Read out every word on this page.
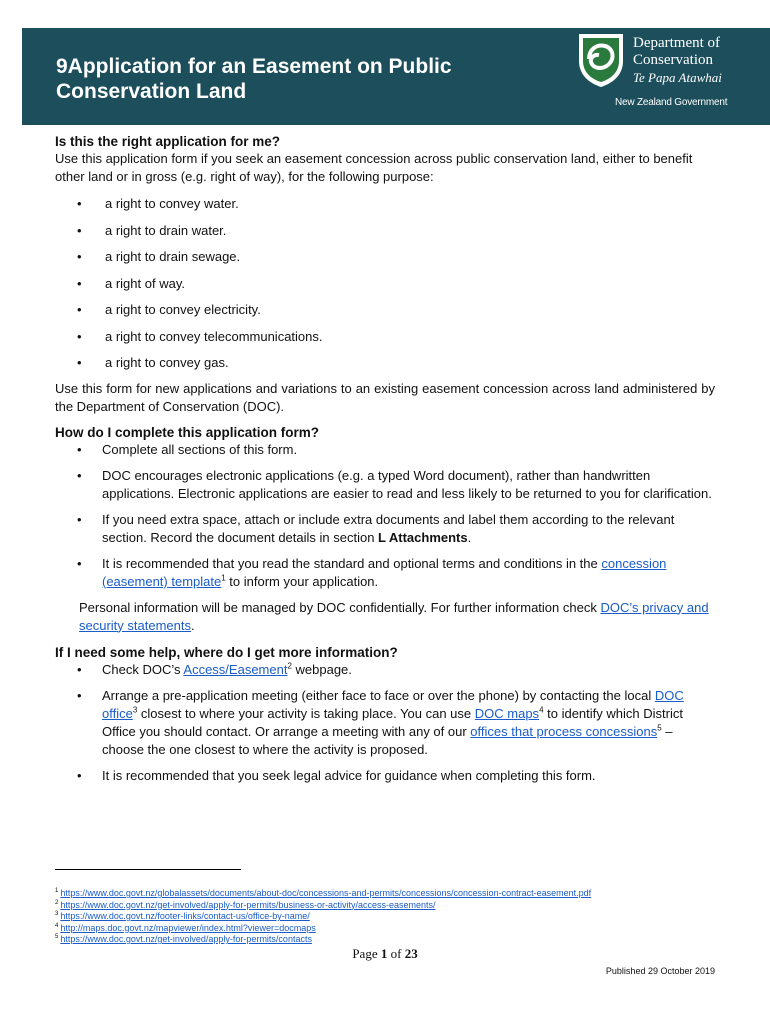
9Application for an Easement on Public Conservation Land
Department of
Conservation
Te Papa Atawhai
New Zealand Government
Is this the right application for me?

Use this application form if you seek an easement concession across public conservation land, either to benefit other land or in gross (e.g. right of way), for the following purpose:

• a right to convey water.
• a right to drain water.
• a right to drain sewage.
• a right of way.
• a right to convey electricity.
• a right to convey telecommunications.
• a right to convey gas.

Use this form for new applications and variations to an existing easement concession across land administered by the Department of Conservation (DOC).

How do I complete this application form?
• Complete all sections of this form.
• DOC encourages electronic applications (e.g. a typed Word document), rather than handwritten applications. Electronic applications are easier to read and less likely to be returned to you for clarification.
• If you need extra space, attach or include extra documents and label them according to the relevant section. Record the document details in section L Attachments.
• It is recommended that you read the standard and optional terms and conditions in the concession (easement) template$^1$ to inform your application.

Personal information will be managed by DOC confidentially. For further information check DOC’s privacy and security statements.

If I need some help, where do I get more information?
• Check DOC’s Access/Easement$^2$ webpage.
• Arrange a pre-application meeting (either face to face or over the phone) by contacting the local DOC office$^3$ closest to where your activity is taking place. You can use DOC maps$^4$ to identify which District Office you should contact. Or arrange a meeting with any of our offices that process concessions$^5$ – choose the one closest to where the activity is proposed.
• It is recommended that you seek legal advice for guidance when completing this form.
$^1$ https://www.doc.govt.nz/globalassets/documents/about-doc/concessions-and-permits/concessions/concession-contract-easement.pdf
$^2$ https://www.doc.govt.nz/get-involved/apply-for-permits/business-or-activity/access-easements/
$^3$ https://www.doc.govt.nz/footer-links/contact-us/office-by-name/
$^4$ http://maps.doc.govt.nz/mapviewer/index.html?viewer=docmaps
$^5$ https://www.doc.govt.nz/get-involved/apply-for-permits/contacts
Page 1 of 23
Published 29 October 2019
